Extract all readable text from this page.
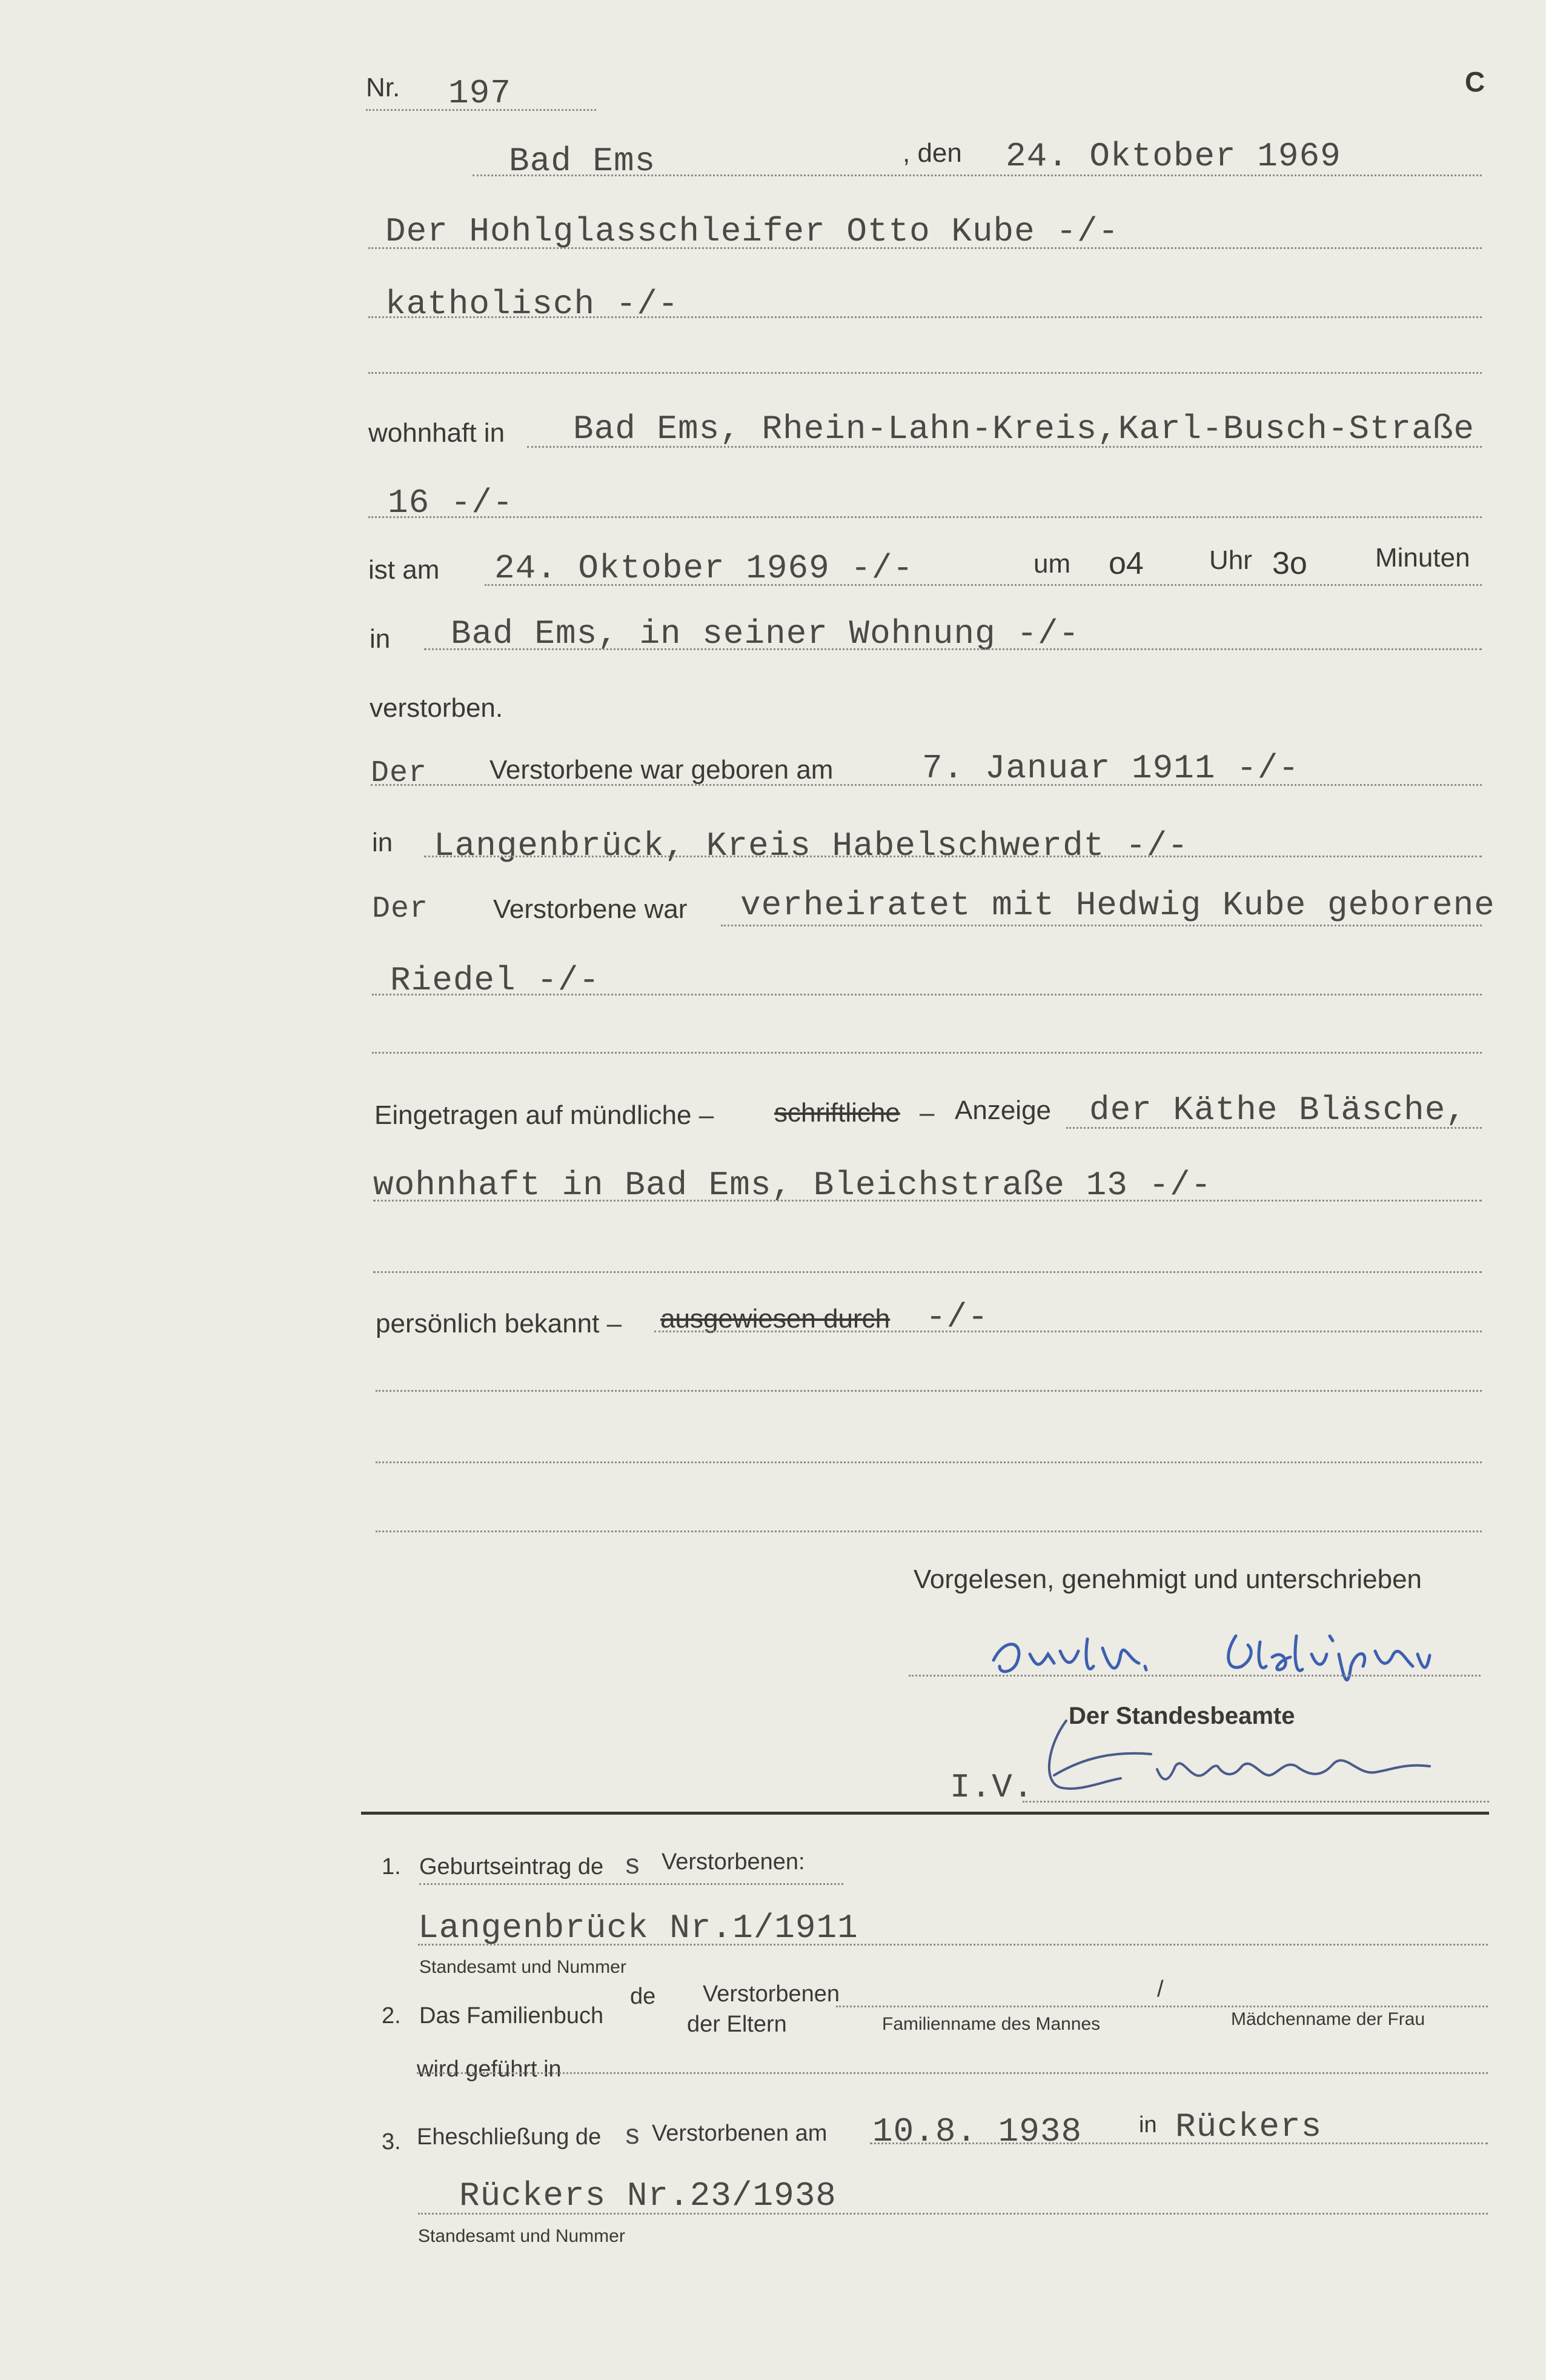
C
Nr. 197
Bad Ems	, den 24. Oktober 1969
Der Hohlglasschleifer Otto Kube -/-
katholisch -/-
wohnhaft in Bad Ems, Rhein-Lahn-Kreis,Karl-Busch-Straße
16 -/-
ist am 24. Oktober 1969 -/-	um o4 Uhr 3o	Minuten
in Bad Ems, in seiner Wohnung -/-
verstorben.
Der Verstorbene war geboren am	7. Januar 1911 -/-
in Langenbrück, Kreis Habelschwerdt -/-
Der Verstorbene war verheiratet mit Hedwig Kube geborene
Riedel -/-
Eingetragen auf mündliche – schriftliche – Anzeige der Käthe Bläsche,
wohnhaft in Bad Ems, Bleichstraße 13 -/-
persönlich bekannt – ausgewiesen durch -/-
Vorgelesen, genehmigt und unterschrieben
Der Standesbeamte
I.V.
1. Geburtseintrag de s Verstorbenen:
Langenbrück Nr.1/1911
Standesamt und Nummer
2. Das Familienbuch
de Verstorbenen
der Eltern
/
Familienname des Mannes	Mädchenname der Frau
wird geführt in
3. Eheschließung de s Verstorbenen am 10.8. 1938 in Rückers
Rückers Nr.23/1938
Standesamt und Nummer
